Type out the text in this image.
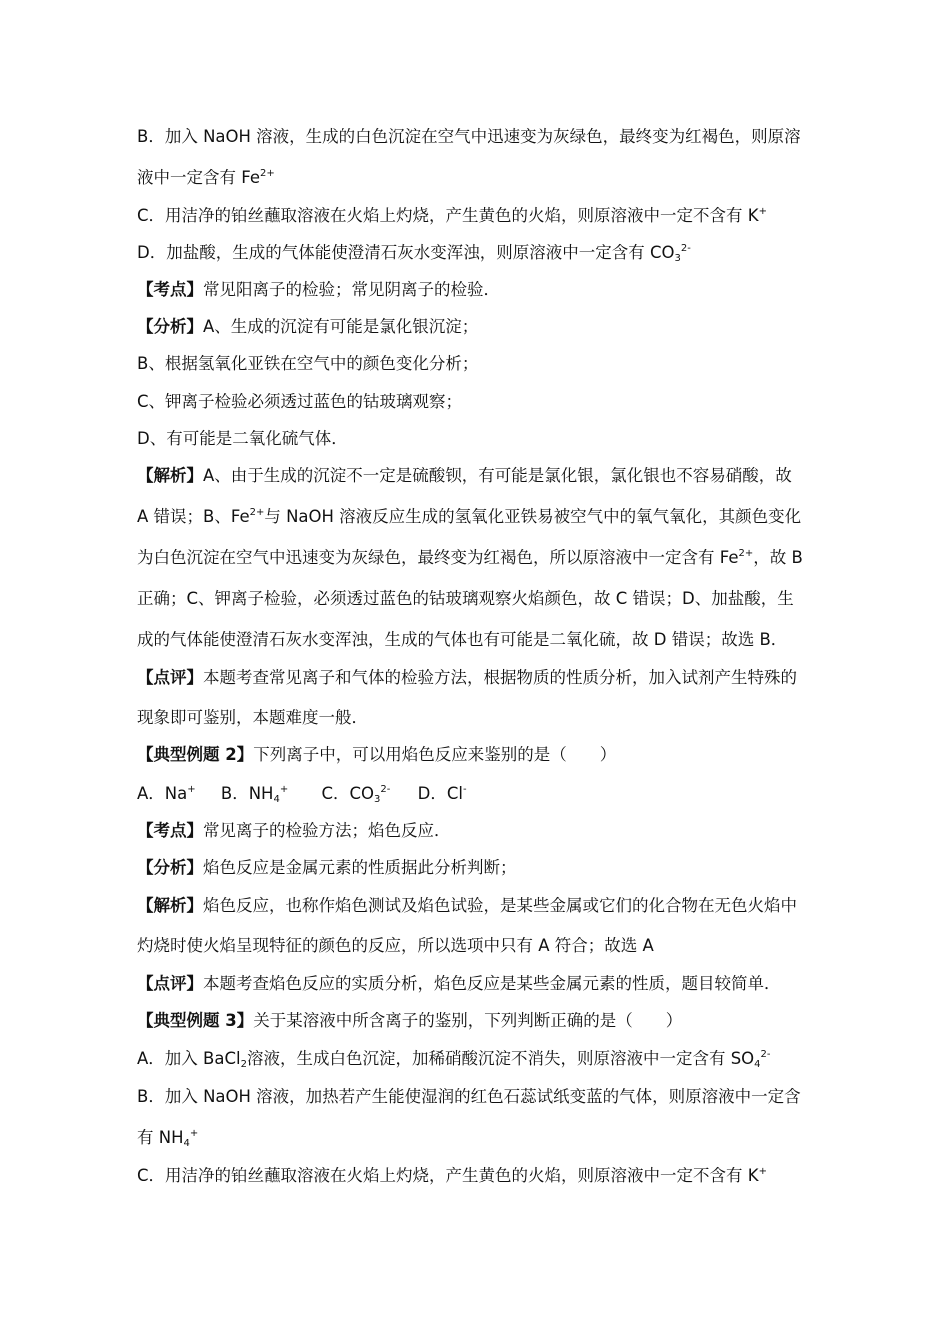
B．加入 NaOH 溶液，生成的白色沉淀在空气中迅速变为灰绿色，最终变为红褐色，则原溶
液中一定含有 $Fe^{2+}$
C．用洁净的铂丝蘸取溶液在火焰上灼烧，产生黄色的火焰，则原溶液中一定不含有 K+
D．加盐酸，生成的气体能使澄清石灰水变浑浊，则原溶液中一定含有 $CO_3^{2-}$
【考点】常见阳离子的检验；常见阴离子的检验．
【分析】A、生成的沉淀有可能是氯化银沉淀；
B、根据氢氧化亚铁在空气中的颜色变化分析；
C、钾离子检验必须透过蓝色的钴玻璃观察；
D、有可能是二氧化硫气体．
【解析】A、由于生成的沉淀不一定是硫酸钡，有可能是氯化银，氯化银也不容易硝酸，故
A 错误；B、$Fe^{2+}$与 NaOH 溶液反应生成的氢氧化亚铁易被空气中的氧气氧化，其颜色变化
为白色沉淀在空气中迅速变为灰绿色，最终变为红褐色，所以原溶液中一定含有 $Fe^{2+}$，故 B
正确；C、钾离子检验，必须透过蓝色的钴玻璃观察火焰颜色，故 C 错误；D、加盐酸，生
成的气体能使澄清石灰水变浑浊，生成的气体也有可能是二氧化硫，故 D 错误；故选 B．
【点评】本题考查常见离子和气体的检验方法，根据物质的性质分析，加入试剂产生特殊的
现象即可鉴别，本题难度一般．
【典型例题 2】下列离子中，可以用焰色反应来鉴别的是（　　）
A．Na+ B．$NH_4^+$ C．$CO_3^{2-}$ D．Cl-
【考点】常见离子的检验方法；焰色反应．
【分析】焰色反应是金属元素的性质据此分析判断；
【解析】焰色反应，也称作焰色测试及焰色试验，是某些金属或它们的化合物在无色火焰中
灼烧时使火焰呈现特征的颜色的反应，所以选项中只有 A 符合；故选 A
【点评】本题考查焰色反应的实质分析，焰色反应是某些金属元素的性质，题目较简单．
【典型例题 3】关于某溶液中所含离子的鉴别，下列判断正确的是（　　）
A．加入 BaCl$_2$溶液，生成白色沉淀，加稀硝酸沉淀不消失，则原溶液中一定含有 $SO_4^{2-}$
B．加入 NaOH 溶液，加热若产生能使湿润的红色石蕊试纸变蓝的气体，则原溶液中一定含
有 $NH_4^+$
C．用洁净的铂丝蘸取溶液在火焰上灼烧，产生黄色的火焰，则原溶液中一定不含有 K+
